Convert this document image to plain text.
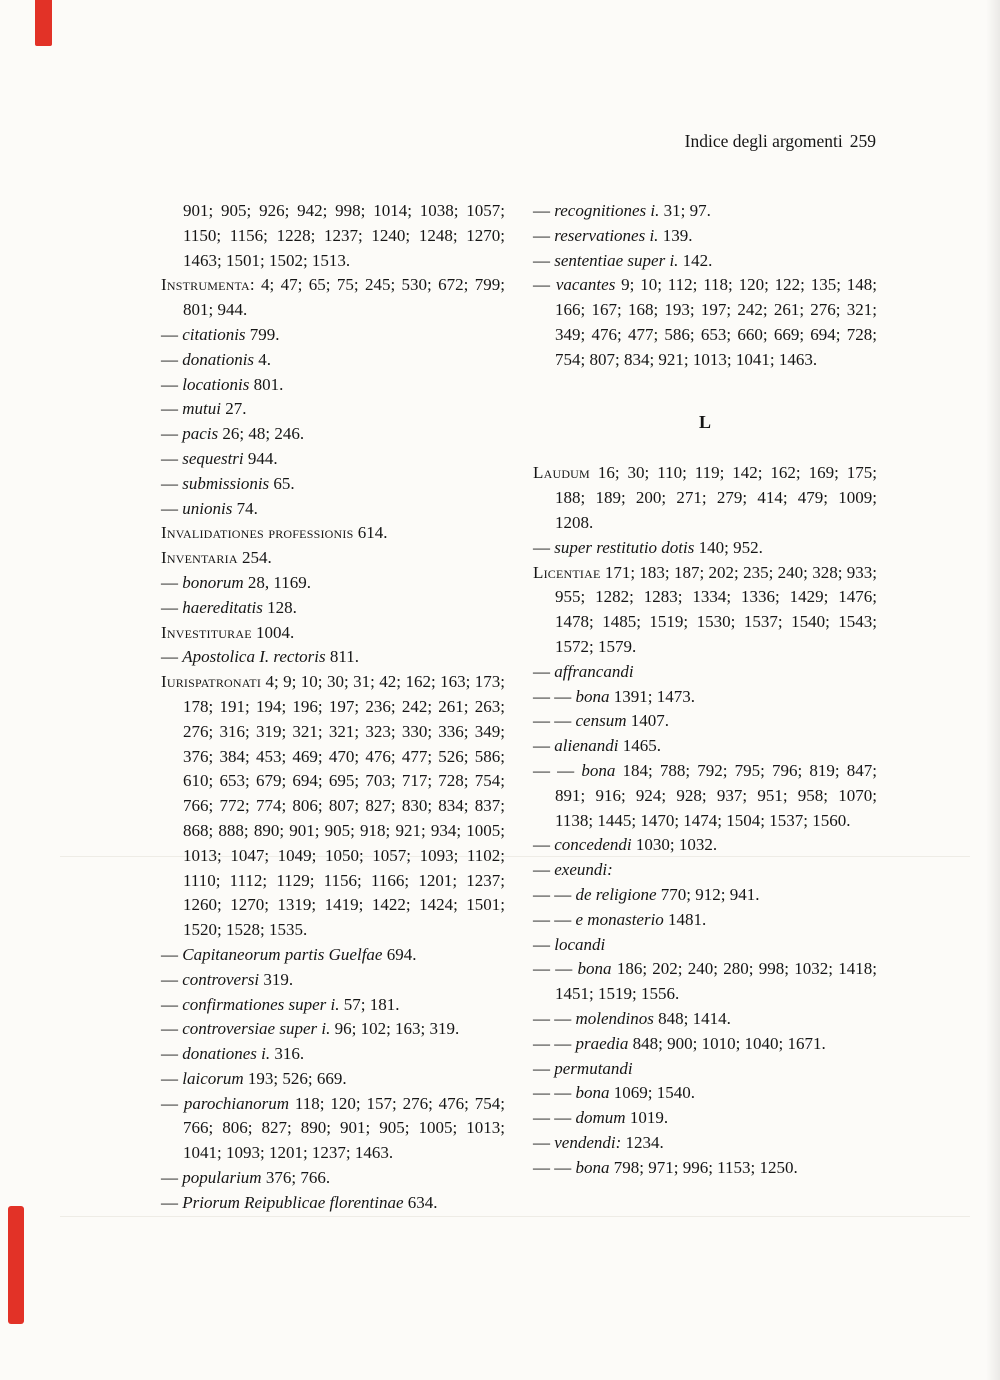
Indice degli argomenti 259

901; 905; 926; 942; 998; 1014; 1038; 1057; 1150; 1156; 1228; 1237; 1240; 1248; 1270; 1463; 1501; 1502; 1513.

Instrumenta: 4; 47; 65; 75; 245; 530; 672; 799; 801; 944.

— citationis 799.

— donationis 4.

— locationis 801.

— mutui 27.

— pacis 26; 48; 246.

— sequestri 944.

— submissionis 65.

— unionis 74.

Invalidationes professionis 614.

Inventaria 254.

— bonorum 28, 1169.

— haereditatis 128.

Investiturae 1004.

— Apostolica I. rectoris 811.

Iurispatronati 4; 9; 10; 30; 31; 42; 162; 163; 173; 178; 191; 194; 196; 197; 236; 242; 261; 263; 276; 316; 319; 321; 321; 323; 330; 336; 349; 376; 384; 453; 469; 470; 476; 477; 526; 586; 610; 653; 679; 694; 695; 703; 717; 728; 754; 766; 772; 774; 806; 807; 827; 830; 834; 837; 868; 888; 890; 901; 905; 918; 921; 934; 1005; 1013; 1047; 1049; 1050; 1057; 1093; 1102; 1110; 1112; 1129; 1156; 1166; 1201; 1237; 1260; 1270; 1319; 1419; 1422; 1424; 1501; 1520; 1528; 1535.

— Capitaneorum partis Guelfae 694.

— controversi 319.

— confirmationes super i. 57; 181.

— controversiae super i. 96; 102; 163; 319.

— donationes i. 316.

— laicorum 193; 526; 669.

— parochianorum 118; 120; 157; 276; 476; 754; 766; 806; 827; 890; 901; 905; 1005; 1013; 1041; 1093; 1201; 1237; 1463.

— popularium 376; 766.

— Priorum Reipublicae florentinae 634.

— recognitiones i. 31; 97.

— reservationes i. 139.

— sententiae super i. 142.

— vacantes 9; 10; 112; 118; 120; 122; 135; 148; 166; 167; 168; 193; 197; 242; 261; 276; 321; 349; 476; 477; 586; 653; 660; 669; 694; 728; 754; 807; 834; 921; 1013; 1041; 1463.

L

Laudum 16; 30; 110; 119; 142; 162; 169; 175; 188; 189; 200; 271; 279; 414; 479; 1009; 1208.

— super restitutio dotis 140; 952.

Licentiae 171; 183; 187; 202; 235; 240; 328; 933; 955; 1282; 1283; 1334; 1336; 1429; 1476; 1478; 1485; 1519; 1530; 1537; 1540; 1543; 1572; 1579.

— affrancandi

— — bona 1391; 1473.

— — censum 1407.

— alienandi 1465.

— — bona 184; 788; 792; 795; 796; 819; 847; 891; 916; 924; 928; 937; 951; 958; 1070; 1138; 1445; 1470; 1474; 1504; 1537; 1560.

— concedendi 1030; 1032.

— exeundi:

— — de religione 770; 912; 941.

— — e monasterio 1481.

— locandi

— — bona 186; 202; 240; 280; 998; 1032; 1418; 1451; 1519; 1556.

— — molendinos 848; 1414.

— — praedia 848; 900; 1010; 1040; 1671.

— permutandi

— — bona 1069; 1540.

— — domum 1019.

— vendendi: 1234.

— — bona 798; 971; 996; 1153; 1250.
